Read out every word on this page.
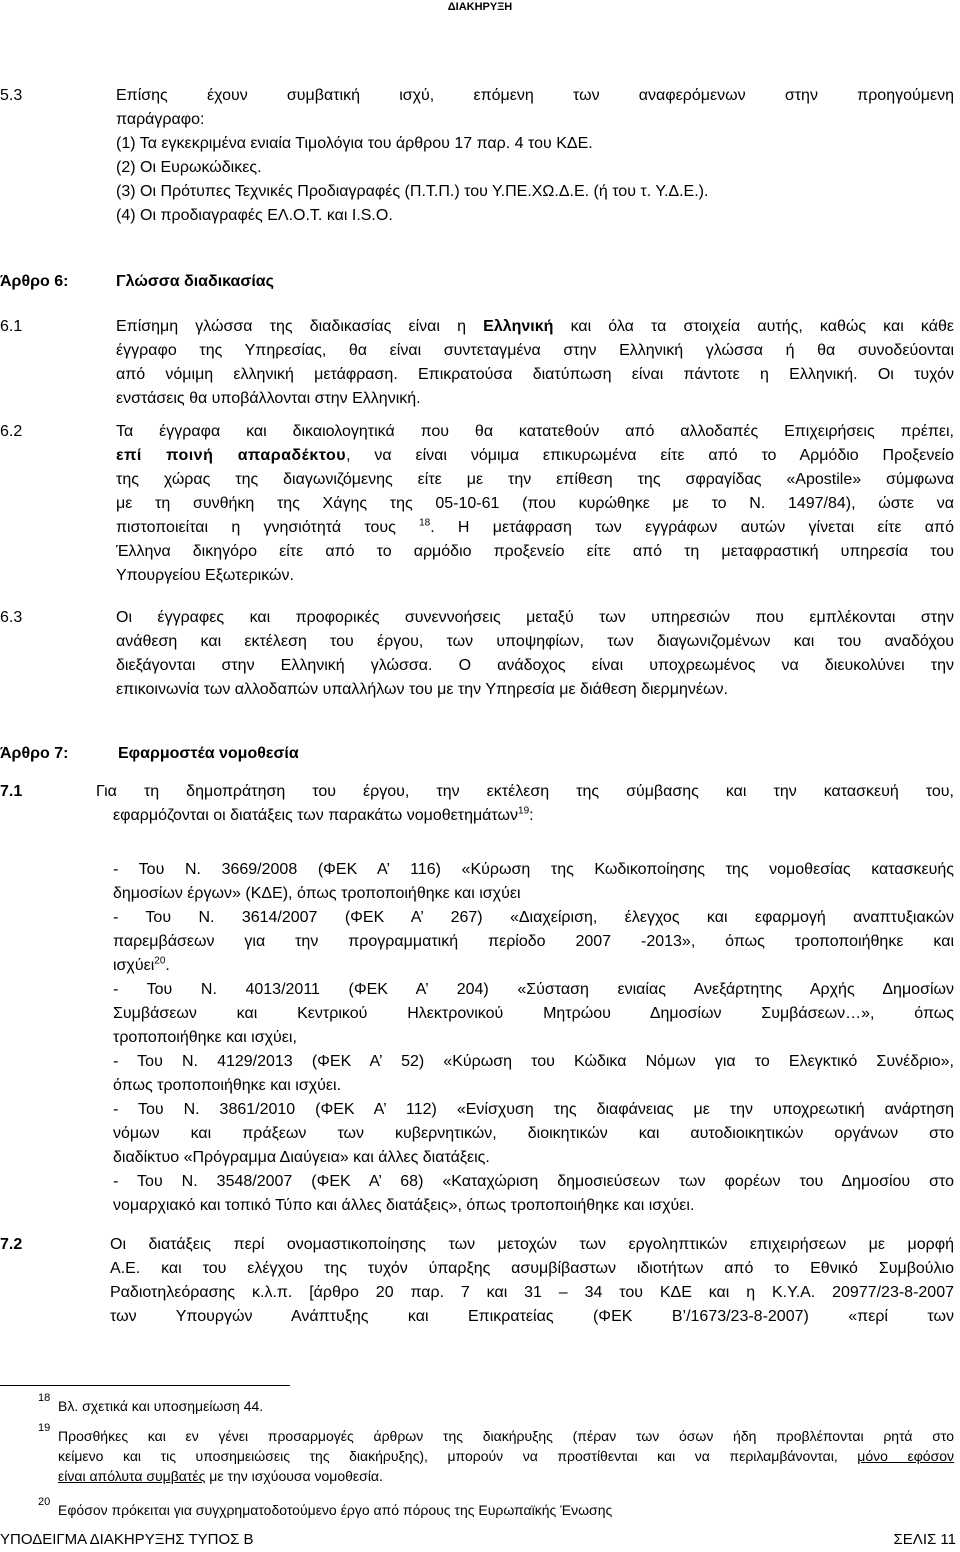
ΔΙΑΚΗΡΥΞΗ
5.3	Επίσης έχουν συμβατική ισχύ, επόμενη των αναφερόμενων στην προηγούμενη
παράγραφο:
(1) Τα εγκεκριμένα ενιαία Τιμολόγια του άρθρου 17 παρ. 4 του ΚΔΕ.
(2) Οι Ευρωκώδικες.
(3) Οι Πρότυπες Τεχνικές Προδιαγραφές (Π.Τ.Π.) του Υ.ΠΕ.ΧΩ.Δ.Ε. (ή του τ. Υ.Δ.Ε.).
(4) Οι προδιαγραφές ΕΛ.Ο.Τ. και I.S.O.
Άρθρο 6:	Γλώσσα διαδικασίας
6.1	Επίσημη γλώσσα της διαδικασίας είναι η Ελληνική και όλα τα στοιχεία αυτής, καθώς και κάθε
έγγραφο της Υπηρεσίας, θα είναι συντεταγμένα στην Ελληνική γλώσσα ή θα συνοδεύονται
από νόμιμη ελληνική μετάφραση. Επικρατούσα διατύπωση είναι πάντοτε η Ελληνική. Οι τυχόν
ενστάσεις θα υποβάλλονται στην Ελληνική.
6.2	Τα έγγραφα και δικαιολογητικά που θα κατατεθούν από αλλοδαπές Επιχειρήσεις πρέπει,
επί ποινή απαραδέκτου, να είναι νόμιμα επικυρωμένα είτε από το Αρμόδιο Προξενείο
της χώρας της διαγωνιζόμενης είτε με την επίθεση της σφραγίδας «Apostile» σύμφωνα
με τη συνθήκη της Χάγης της 05-10-61 (που κυρώθηκε με το Ν. 1497/84), ώστε να
πιστοποιείται η γνησιότητά τους $^{18}$. Η μετάφραση των εγγράφων αυτών γίνεται είτε από
Έλληνα δικηγόρο είτε από το αρμόδιο προξενείο είτε από τη μεταφραστική υπηρεσία του
Υπουργείου Εξωτερικών.
6.3	Οι έγγραφες και προφορικές συνεννοήσεις μεταξύ των υπηρεσιών που εμπλέκονται στην
ανάθεση και εκτέλεση του έργου, των υποψηφίων, των διαγωνιζομένων και του αναδόχου
διεξάγονται στην Ελληνική γλώσσα. Ο ανάδοχος είναι υποχρεωμένος να διευκολύνει την
επικοινωνία των αλλοδαπών υπαλλήλων του με την Υπηρεσία με διάθεση διερμηνέων.
Άρθρο 7:	Εφαρμοστέα νομοθεσία
7.1	Για τη δημοπράτηση του έργου, την εκτέλεση της σύμβασης και την κατασκευή του,
εφαρμόζονται οι διατάξεις των παρακάτω νομοθετημάτων$^{19}$:
- Του Ν. 3669/2008 (ΦΕΚ Α’ 116) «Κύρωση της Κωδικοποίησης της νομοθεσίας κατασκευής
δημοσίων έργων» (ΚΔΕ), όπως τροποποιήθηκε και ισχύει
- Του Ν. 3614/2007 (ΦΕΚ Α’ 267) «Διαχείριση, έλεγχος και εφαρμογή αναπτυξιακών
παρεμβάσεων για την προγραμματική περίοδο 2007 -2013», όπως τροποποιήθηκε και
ισχύει$^{20}$.
- Του Ν. 4013/2011 (ΦΕΚ Α’ 204) «Σύσταση ενιαίας Ανεξάρτητης Αρχής Δημοσίων
Συμβάσεων και Κεντρικού Ηλεκτρονικού Μητρώου Δημοσίων Συμβάσεων…», όπως
τροποποιήθηκε και ισχύει,
- Του Ν. 4129/2013 (ΦΕΚ Α’ 52) «Κύρωση του Κώδικα Νόμων για το Ελεγκτικό Συνέδριο»,
όπως τροποποιήθηκε και ισχύει.
- Του Ν. 3861/2010 (ΦΕΚ Α’ 112) «Ενίσχυση της διαφάνειας με την υποχρεωτική ανάρτηση
νόμων και πράξεων των κυβερνητικών, διοικητικών και αυτοδιοικητικών οργάνων στο
διαδίκτυο «Πρόγραμμα Διαύγεια» και άλλες διατάξεις.
- Του Ν. 3548/2007 (ΦΕΚ Α’ 68) «Καταχώριση δημοσιεύσεων των φορέων του Δημοσίου στο
νομαρχιακό και τοπικό Τύπο και άλλες διατάξεις», όπως τροποποιήθηκε και ισχύει.
7.2	Οι διατάξεις περί ονομαστικοποίησης των μετοχών των εργοληπτικών επιχειρήσεων με μορφή
Α.Ε. και του ελέγχου της τυχόν ύπαρξης ασυμβίβαστων ιδιοτήτων από το Εθνικό Συμβούλιο
Ραδιοτηλεόρασης κ.λ.π. [άρθρο 20 παρ. 7 και 31 – 34 του ΚΔΕ και η Κ.Υ.Α. 20977/23-8-2007
των Υπουργών Ανάπτυξης και Επικρατείας (ΦΕΚ Β’/1673/23-8-2007) «περί των
18 Βλ. σχετικά και υποσημείωση 44.
19 Προσθήκες και εν γένει προσαρμογές άρθρων της διακήρυξης (πέραν των όσων ήδη προβλέπονται ρητά στο
κείμενο και τις υποσημειώσεις της διακήρυξης), μπορούν να προστίθενται και να περιλαμβάνονται, μόνο εφόσον
είναι απόλυτα συμβατές με την ισχύουσα νομοθεσία.
20 Εφόσον πρόκειται για συγχρηματοδοτούμενο έργο από πόρους της Ευρωπαϊκής Ένωσης
ΥΠΟΔΕΙΓΜΑ ΔΙΑΚΗΡΥΞΗΣ ΤΥΠΟΣ Β	ΣΕΛΙΣ 11
